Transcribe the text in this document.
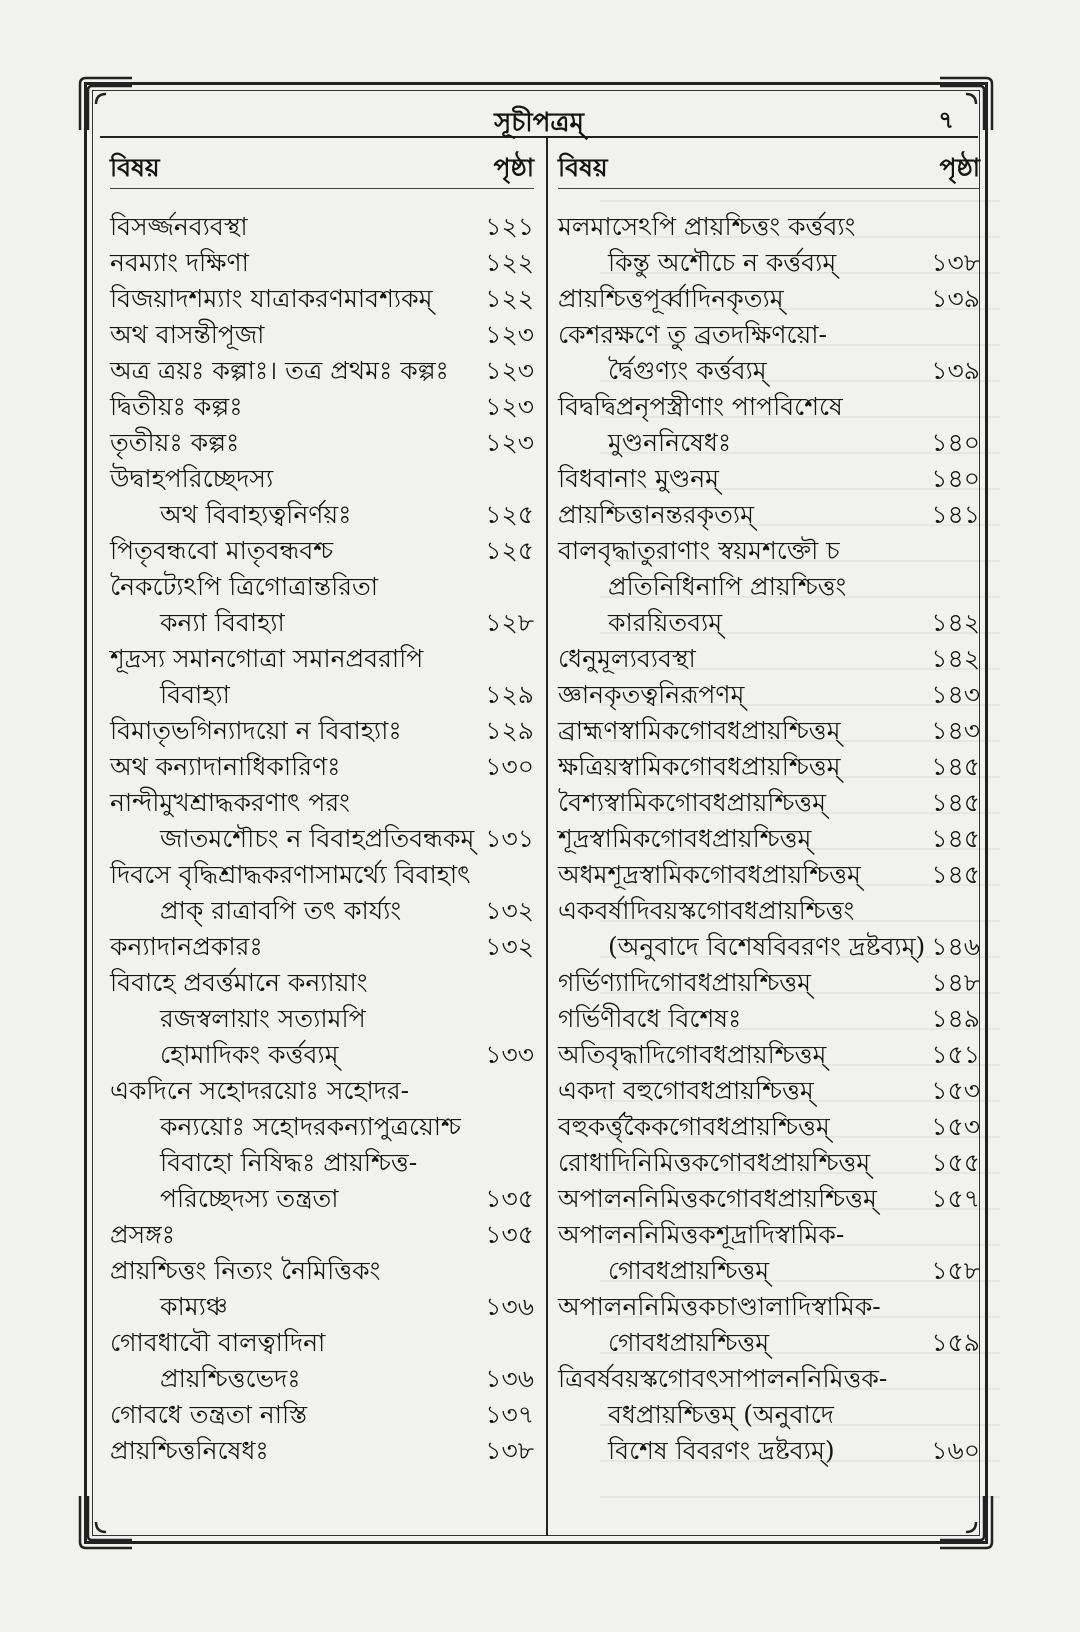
সূচীপত্রম্	৭
বিষয়	পৃষ্ঠা
বিসর্জ্জনব্যবস্থা	১২১
নবম্যাং দক্ষিণা	১২২
বিজয়াদশম্যাং যাত্রাকরণমাবশ্যকম্	১২২
অথ বাসন্তীপূজা	১২৩
অত্র ত্রয়ঃ কল্পাঃ। তত্র প্রথমঃ কল্পঃ	১২৩
দ্বিতীয়ঃ কল্পঃ	১২৩
তৃতীয়ঃ কল্পঃ	১২৩
উদ্বাহপরিচ্ছেদস্য
অথ বিবাহ্যত্বনির্ণয়ঃ	১২৫
পিতৃবন্ধবো মাতৃবন্ধবশ্চ	১২৫
নৈকট্যেঽপি ত্রিগোত্রান্তরিতা
কন্যা বিবাহ্যা	১২৮
শূদ্রস্য সমানগোত্রা সমানপ্রবরাপি
বিবাহ্যা	১২৯
বিমাতৃভগিন্যাদয়ো ন বিবাহ্যাঃ	১২৯
অথ কন্যাদানাধিকারিণঃ	১৩০
নান্দীমুখশ্রাদ্ধকরণাৎ পরং
জাতমশৌচং ন বিবাহপ্রতিবন্ধকম্ ১৩১
দিবসে বৃদ্ধিশ্রাদ্ধকরণাসামর্থ্যে বিবাহাৎ
প্রাক্ রাত্রাবপি তৎ কার্য্যং	১৩২
কন্যাদানপ্রকারঃ	১৩২
বিবাহে প্রবর্ত্তমানে কন্যায়াং
রজস্বলায়াং সত্যামপি
হোমাদিকং কর্ত্তব্যম্	১৩৩
একদিনে সহোদরয়োঃ সহোদর-
কন্যয়োঃ সহোদরকন্যাপুত্রয়োশ্চ
বিবাহো নিষিদ্ধঃ প্রায়শ্চিত্ত-
পরিচ্ছেদস্য তন্ত্রতা	১৩৫
প্রসঙ্গঃ	১৩৫
প্রায়শ্চিত্তং নিত্যং নৈমিত্তিকং
কাম্যঞ্চ	১৩৬
গোবধাবৌ বালত্বাদিনা
প্রায়শ্চিত্তভেদঃ	১৩৬
গোবধে তন্ত্রতা নাস্তি	১৩৭
প্রায়শ্চিত্তনিষেধঃ	১৩৮
বিষয়	পৃষ্ঠা
মলমাসেঽপি প্রায়শ্চিত্তং কর্ত্তব্যং
কিন্তু অশৌচে ন কর্ত্তব্যম্	১৩৮
প্রায়শ্চিত্তপূর্ব্বাদিনকৃত্যম্	১৩৯
কেশরক্ষণে তু ব্রতদক্ষিণয়ো-
র্দ্বৈগুণ্যং কর্ত্তব্যম্	১৩৯
বিদ্বদ্বিপ্রনৃপস্ত্রীণাং পাপবিশেষে
মুণ্ডননিষেধঃ	১৪০
বিধবানাং মুণ্ডনম্	১৪০
প্রায়শ্চিত্তানন্তরকৃত্যম্	১৪১
বালবৃদ্ধাতুরাণাং স্বয়মশক্তৌ চ
প্রতিনিধিনাপি প্রায়শ্চিত্তং
কারয়িতব্যম্	১৪২
ধেনুমূল্যব্যবস্থা	১৪২
জ্ঞানকৃতত্বনিরূপণম্	১৪৩
ব্রাহ্মণস্বামিকগোবধপ্রায়শ্চিত্তম্	১৪৩
ক্ষত্রিয়স্বামিকগোবধপ্রায়শ্চিত্তম্	১৪৫
বৈশ্যস্বামিকগোবধপ্রায়শ্চিত্তম্	১৪৫
শূদ্রস্বামিকগোবধপ্রায়শ্চিত্তম্	১৪৫
অধমশূদ্রস্বামিকগোবধপ্রায়শ্চিত্তম্	১৪৫
একবর্ষাদিবয়স্কগোবধপ্রায়শ্চিত্তং
(অনুবাদে বিশেষবিবরণং দ্রষ্টব্যম্) ১৪৬
গর্ভিণ্যাদিগোবধপ্রায়শ্চিত্তম্	১৪৮
গর্ভিণীবধে বিশেষঃ	১৪৯
অতিবৃদ্ধাদিগোবধপ্রায়শ্চিত্তম্	১৫১
একদা বহুগোবধপ্রায়শ্চিত্তম্	১৫৩
বহুকর্ত্তৃকৈকগোবধপ্রায়শ্চিত্তম্	১৫৩
রোধাদিনিমিত্তকগোবধপ্রায়শ্চিত্তম্	১৫৫
অপালননিমিত্তকগোবধপ্রায়শ্চিত্তম্	১৫৭
অপালননিমিত্তকশূদ্রাদিস্বামিক-
গোবধপ্রায়শ্চিত্তম্	১৫৮
অপালননিমিত্তকচাণ্ডালাদিস্বামিক-
গোবধপ্রায়শ্চিত্তম্	১৫৯
ত্রিবর্ষবয়স্কগোবৎসাপালননিমিত্তক-
বধপ্রায়শ্চিত্তম্ (অনুবাদে
বিশেষ বিবরণং দ্রষ্টব্যম্)	১৬০
